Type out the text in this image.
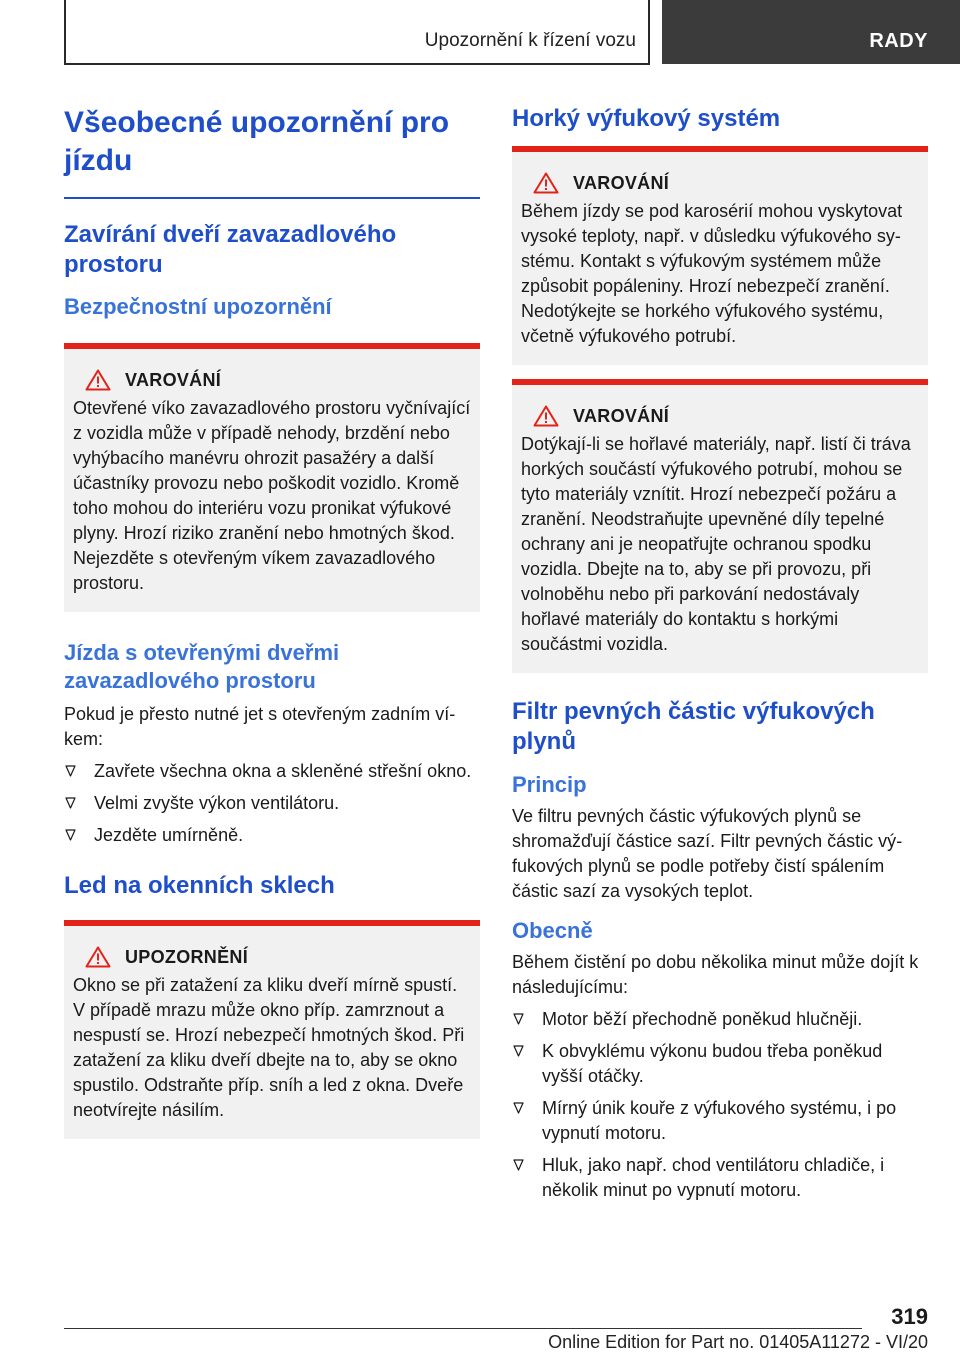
Upozornění k řízení vozu	RADY
Všeobecné upozornění pro jízdu
Zavírání dveří zavazadlového prostoru
Bezpečnostní upozornění
VAROVÁNÍ

Otevřené víko zavazadlového prostoru vyčnívající z vozidla může v případě nehody, brzdění nebo vyhýbacího manévru ohrozit pasažéry a další účastníky provozu nebo poškodit vozidlo. Kromě toho mohou do interiéru vozu pronikat výfukové plyny. Hrozí riziko zranění nebo hmotných škod. Nejezděte s otevřeným víkem zavazadlového prostoru.

Jízda s otevřenými dveřmi zavazadlového prostoru

Pokud je přesto nutné jet s otevřeným zadním víkem:

Zavřete všechna okna a skleněné střešní okno.
Velmi zvyšte výkon ventilátoru.
Jezděte umírněně.
Led na okenních sklech
UPOZORNĚNÍ

Okno se při zatažení za kliku dveří mírně spustí. V případě mrazu může okno příp. zamrznout a nespustí se. Hrozí nebezpečí hmotných škod. Při zatažení za kliku dveří dbejte na to, aby se okno spustilo. Odstraňte příp. sníh a led z okna. Dveře neotvírejte násilím.

Horký výfukový systém
VAROVÁNÍ

Během jízdy se pod karosérií mohou vyskytovat vysoké teploty, např. v důsledku výfukového systému. Kontakt s výfukovým systémem může způsobit popáleniny. Hrozí nebezpečí zranění. Nedotýkejte se horkého výfukového systému, včetně výfukového potrubí.

VAROVÁNÍ

Dotýkají-li se hořlavé materiály, např. listí či tráva horkých součástí výfukového potrubí, mohou se tyto materiály vznítit. Hrozí nebezpečí požáru a zranění. Neodstraňujte upevněné díly tepelné ochrany ani je neopatřujte ochranou spodku vozidla. Dbejte na to, aby se při provozu, při volnoběhu nebo při parkování nedostávaly hořlavé materiály do kontaktu s horkými součástmi vozidla.

Filtr pevných částic výfukových plynů
Princip

Ve filtru pevných částic výfukových plynů se shromažďují částice sazí. Filtr pevných částic výfukových plynů se podle potřeby čistí spálením částic sazí za vysokých teplot.

Obecně

Během čistění po dobu několika minut může dojít k následujícímu:

Motor běží přechodně poněkud hlučněji.
K obvyklému výkonu budou třeba poněkud vyšší otáčky.
Mírný únik kouře z výfukového systému, i po vypnutí motoru.
Hluk, jako např. chod ventilátoru chladiče, i několik minut po vypnutí motoru.
319
Online Edition for Part no. 01405A11272 - VI/20
